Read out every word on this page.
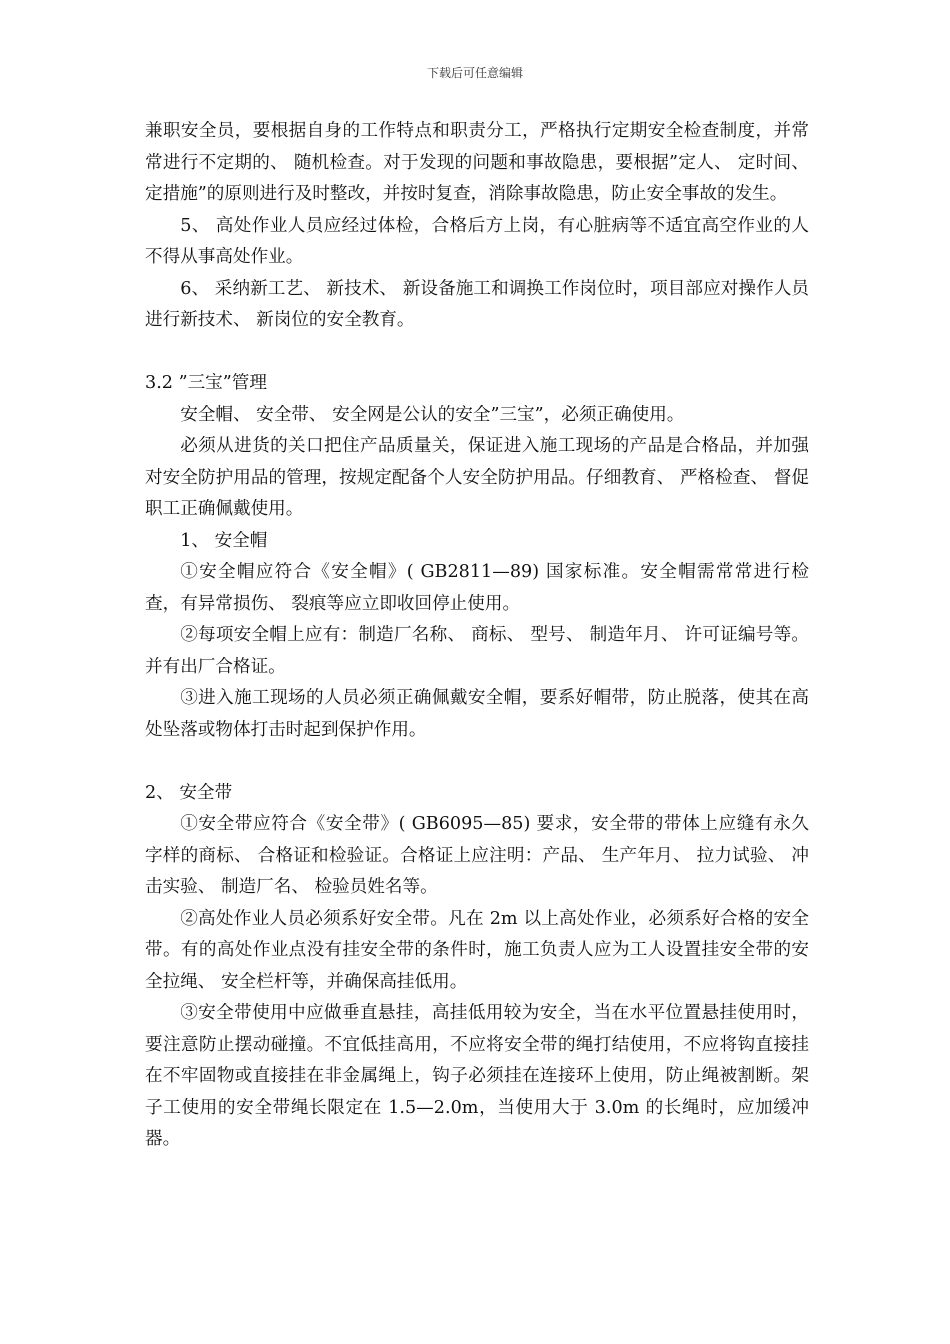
下载后可任意编辑

兼职安全员，要根据自身的工作特点和职责分工，严格执行定期安全检查制度，并常常进行不定期的、 随机检查。对于发现的问题和事故隐患，要根据”定人、 定时间、 定措施”的原则进行及时整改，并按时复查，消除事故隐患，防止安全事故的发生。

5、 高处作业人员应经过体检，合格后方上岗，有心脏病等不适宜高空作业的人不得从事高处作业。

6、 采纳新工艺、 新技术、 新设备施工和调换工作岗位时，项目部应对操作人员进行新技术、 新岗位的安全教育。

3.2 ”三宝”管理

安全帽、 安全带、 安全网是公认的安全”三宝”，必须正确使用。

必须从进货的关口把住产品质量关，保证进入施工现场的产品是合格品，并加强对安全防护用品的管理，按规定配备个人安全防护用品。仔细教育、 严格检查、 督促职工正确佩戴使用。

1、 安全帽

①安全帽应符合《安全帽》( GB2811—89) 国家标准。安全帽需常常进行检查，有异常损伤、 裂痕等应立即收回停止使用。

②每项安全帽上应有：制造厂名称、 商标、 型号、 制造年月、 许可证编号等。并有出厂合格证。

③进入施工现场的人员必须正确佩戴安全帽，要系好帽带，防止脱落，使其在高处坠落或物体打击时起到保护作用。

2、 安全带

①安全带应符合《安全带》( GB6095—85) 要求，安全带的带体上应缝有永久字样的商标、 合格证和检验证。合格证上应注明：产品、 生产年月、 拉力试验、 冲击实验、 制造厂名、 检验员姓名等。

②高处作业人员必须系好安全带。凡在 2m 以上高处作业，必须系好合格的安全带。有的高处作业点没有挂安全带的条件时，施工负责人应为工人设置挂安全带的安全拉绳、 安全栏杆等，并确保高挂低用。

③安全带使用中应做垂直悬挂，高挂低用较为安全，当在水平位置悬挂使用时，要注意防止摆动碰撞。不宜低挂高用，不应将安全带的绳打结使用，不应将钩直接挂在不牢固物或直接挂在非金属绳上，钩子必须挂在连接环上使用，防止绳被割断。架子工使用的安全带绳长限定在 1.5—2.0m，当使用大于 3.0m 的长绳时，应加缓冲器。
